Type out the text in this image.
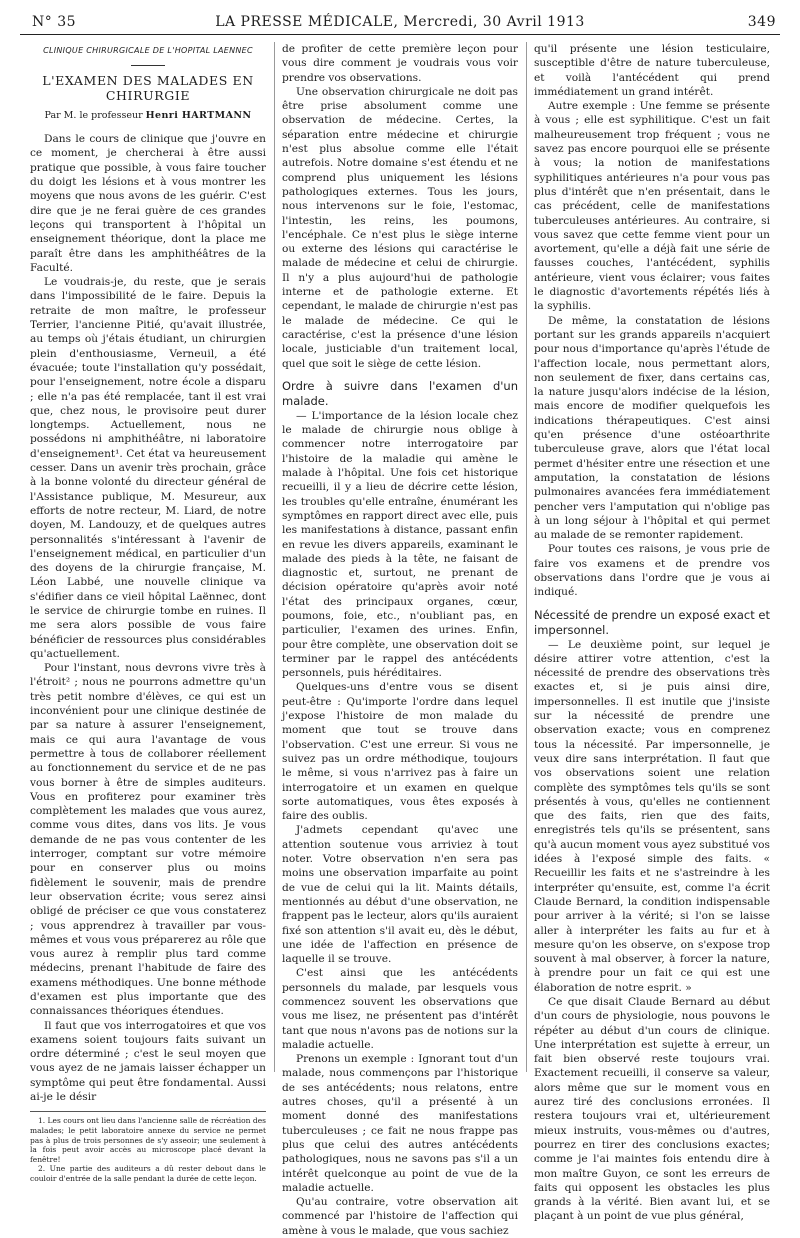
N° 35	LA PRESSE MÉDICALE, Mercredi, 30 Avril 1913	349
CLINIQUE CHIRURGICALE DE L'HOPITAL LAENNEC
L'EXAMEN DES MALADES EN CHIRURGIE
Par M. le professeur Henri HARTMANN

Dans le cours de clinique que j'ouvre en ce moment, je chercherai à être aussi pratique que possible, à vous faire toucher du doigt les lésions et à vous montrer les moyens que nous avons de les guérir. C'est dire que je ne ferai guère de ces grandes leçons qui transportent à l'hôpital un enseignement théorique, dont la place me paraît être dans les amphithéâtres de la Faculté.

Le voudrais-je, du reste, que je serais dans l'impossibilité de le faire. Depuis la retraite de mon maître, le professeur Terrier, l'ancienne Pitié, qu'avait illustrée, au temps où j'étais étudiant, un chirurgien plein d'enthousiasme, Verneuil, a été évacuée; toute l'installation qu'y possédait, pour l'enseignement, notre école a disparu ; elle n'a pas été remplacée, tant il est vrai que, chez nous, le provisoire peut durer longtemps. Actuellement, nous ne possédons ni amphithéâtre, ni laboratoire d'enseignement¹. Cet état va heureusement cesser. Dans un avenir très prochain, grâce à la bonne volonté du directeur général de l'Assistance publique, M. Mesureur, aux efforts de notre recteur, M. Liard, de notre doyen, M. Landouzy, et de quelques autres personnalités s'intéressant à l'avenir de l'enseignement médical, en particulier d'un des doyens de la chirurgie française, M. Léon Labbé, une nouvelle clinique va s'édifier dans ce vieil hôpital Laënnec, dont le service de chirurgie tombe en ruines. Il me sera alors possible de vous faire bénéficier de ressources plus considérables qu'actuellement.

Pour l'instant, nous devrons vivre très à l'étroit² ; nous ne pourrons admettre qu'un très petit nombre d'élèves, ce qui est un inconvénient pour une clinique destinée de par sa nature à assurer l'enseignement, mais ce qui aura l'avantage de vous permettre à tous de collaborer réellement au fonctionnement du service et de ne pas vous borner à être de simples auditeurs. Vous en profiterez pour examiner très complètement les malades que vous aurez, comme vous dites, dans vos lits. Je vous demande de ne pas vous contenter de les interroger, comptant sur votre mémoire pour en conserver plus ou moins fidèlement le souvenir, mais de prendre leur observation écrite; vous serez ainsi obligé de préciser ce que vous constaterez ; vous apprendrez à travailler par vous-mêmes et vous vous préparerez au rôle que vous aurez à remplir plus tard comme médecins, prenant l'habitude de faire des examens méthodiques. Une bonne méthode d'examen est plus importante que des connaissances théoriques étendues.

Il faut que vos interrogatoires et que vos examens soient toujours faits suivant un ordre déterminé ; c'est le seul moyen que vous ayez de ne jamais laisser échapper un symptôme qui peut être fondamental. Aussi ai-je le désir

1. Les cours ont lieu dans l'ancienne salle de récréation des malades; le petit laboratoire annexe du service ne permet pas à plus de trois personnes de s'y asseoir; une seulement à la fois peut avoir accès au microscope placé devant la fenêtre!
2. Une partie des auditeurs a dû rester debout dans le couloir d'entrée de la salle pendant la durée de cette leçon.

de profiter de cette première leçon pour vous dire comment je voudrais vous voir prendre vos observations.

Une observation chirurgicale ne doit pas être prise absolument comme une observation de médecine. Certes, la séparation entre médecine et chirurgie n'est plus absolue comme elle l'était autrefois. Notre domaine s'est étendu et ne comprend plus uniquement les lésions pathologiques externes. Tous les jours, nous intervenons sur le foie, l'estomac, l'intestin, les reins, les poumons, l'encéphale. Ce n'est plus le siège interne ou externe des lésions qui caractérise le malade de médecine et celui de chirurgie. Il n'y a plus aujourd'hui de pathologie interne et de pathologie externe. Et cependant, le malade de chirurgie n'est pas le malade de médecine. Ce qui le caractérise, c'est la présence d'une lésion locale, justiciable d'un traitement local, quel que soit le siège de cette lésion.

Ordre à suivre dans l'examen d'un malade.

— L'importance de la lésion locale chez le malade de chirurgie nous oblige à commencer notre interrogatoire par l'histoire de la maladie qui amène le malade à l'hôpital. Une fois cet historique recueilli, il y a lieu de décrire cette lésion, les troubles qu'elle entraîne, énumérant les symptômes en rapport direct avec elle, puis les manifestations à distance, passant enfin en revue les divers appareils, examinant le malade des pieds à la tête, ne faisant de diagnostic et, surtout, ne prenant de décision opératoire qu'après avoir noté l'état des principaux organes, cœur, poumons, foie, etc., n'oubliant pas, en particulier, l'examen des urines. Enfin, pour être complète, une observation doit se terminer par le rappel des antécédents personnels, puis héréditaires.

Quelques-uns d'entre vous se disent peut-être : Qu'importe l'ordre dans lequel j'expose l'histoire de mon malade du moment que tout se trouve dans l'observation. C'est une erreur. Si vous ne suivez pas un ordre méthodique, toujours le même, si vous n'arrivez pas à faire un interrogatoire et un examen en quelque sorte automatiques, vous êtes exposés à faire des oublis.

J'admets cependant qu'avec une attention soutenue vous arriviez à tout noter. Votre observation n'en sera pas moins une observation imparfaite au point de vue de celui qui la lit. Maints détails, mentionnés au début d'une observation, ne frappent pas le lecteur, alors qu'ils auraient fixé son attention s'il avait eu, dès le début, une idée de l'affection en présence de laquelle il se trouve.

C'est ainsi que les antécédents personnels du malade, par lesquels vous commencez souvent les observations que vous me lisez, ne présentent pas d'intérêt tant que nous n'avons pas de notions sur la maladie actuelle.

Prenons un exemple : Ignorant tout d'un malade, nous commençons par l'historique de ses antécédents; nous relatons, entre autres choses, qu'il a présenté à un moment donné des manifestations tuberculeuses ; ce fait ne nous frappe pas plus que celui des autres antécédents pathologiques, nous ne savons pas s'il a un intérêt quelconque au point de vue de la maladie actuelle.

Qu'au contraire, votre observation ait commencé par l'histoire de l'affection qui amène à vous le malade, que vous sachiez

qu'il présente une lésion testiculaire, susceptible d'être de nature tuberculeuse, et voilà l'antécédent qui prend immédiatement un grand intérêt.

Autre exemple : Une femme se présente à vous ; elle est syphilitique. C'est un fait malheureusement trop fréquent ; vous ne savez pas encore pourquoi elle se présente à vous; la notion de manifestations syphilitiques antérieures n'a pour vous pas plus d'intérêt que n'en présentait, dans le cas précédent, celle de manifestations tuberculeuses antérieures. Au contraire, si vous savez que cette femme vient pour un avortement, qu'elle a déjà fait une série de fausses couches, l'antécédent, syphilis antérieure, vient vous éclairer; vous faites le diagnostic d'avortements répétés liés à la syphilis.

De même, la constatation de lésions portant sur les grands appareils n'acquiert pour nous d'importance qu'après l'étude de l'affection locale, nous permettant alors, non seulement de fixer, dans certains cas, la nature jusqu'alors indécise de la lésion, mais encore de modifier quelquefois les indications thérapeutiques. C'est ainsi qu'en présence d'une ostéoarthrite tuberculeuse grave, alors que l'état local permet d'hésiter entre une résection et une amputation, la constatation de lésions pulmonaires avancées fera immédiatement pencher vers l'amputation qui n'oblige pas à un long séjour à l'hôpital et qui permet au malade de se remonter rapidement.

Pour toutes ces raisons, je vous prie de faire vos examens et de prendre vos observations dans l'ordre que je vous ai indiqué.

Nécessité de prendre un exposé exact et impersonnel.

— Le deuxième point, sur lequel je désire attirer votre attention, c'est la nécessité de prendre des observations très exactes et, si je puis ainsi dire, impersonnelles. Il est inutile que j'insiste sur la nécessité de prendre une observation exacte; vous en comprenez tous la nécessité. Par impersonnelle, je veux dire sans interprétation. Il faut que vos observations soient une relation complète des symptômes tels qu'ils se sont présentés à vous, qu'elles ne contiennent que des faits, rien que des faits, enregistrés tels qu'ils se présentent, sans qu'à aucun moment vous ayez substitué vos idées à l'exposé simple des faits. « Recueillir les faits et ne s'astreindre à les interpréter qu'ensuite, est, comme l'a écrit Claude Bernard, la condition indispensable pour arriver à la vérité; si l'on se laisse aller à interpréter les faits au fur et à mesure qu'on les observe, on s'expose trop souvent à mal observer, à forcer la nature, à prendre pour un fait ce qui est une élaboration de notre esprit. »

Ce que disait Claude Bernard au début d'un cours de physiologie, nous pouvons le répéter au début d'un cours de clinique. Une interprétation est sujette à erreur, un fait bien observé reste toujours vrai. Exactement recueilli, il conserve sa valeur, alors même que sur le moment vous en aurez tiré des conclusions erronées. Il restera toujours vrai et, ultérieurement mieux instruits, vous-mêmes ou d'autres, pourrez en tirer des conclusions exactes; comme je l'ai maintes fois entendu dire à mon maître Guyon, ce sont les erreurs de faits qui opposent les obstacles les plus grands à la vérité. Bien avant lui, et se plaçant à un point de vue plus général,
